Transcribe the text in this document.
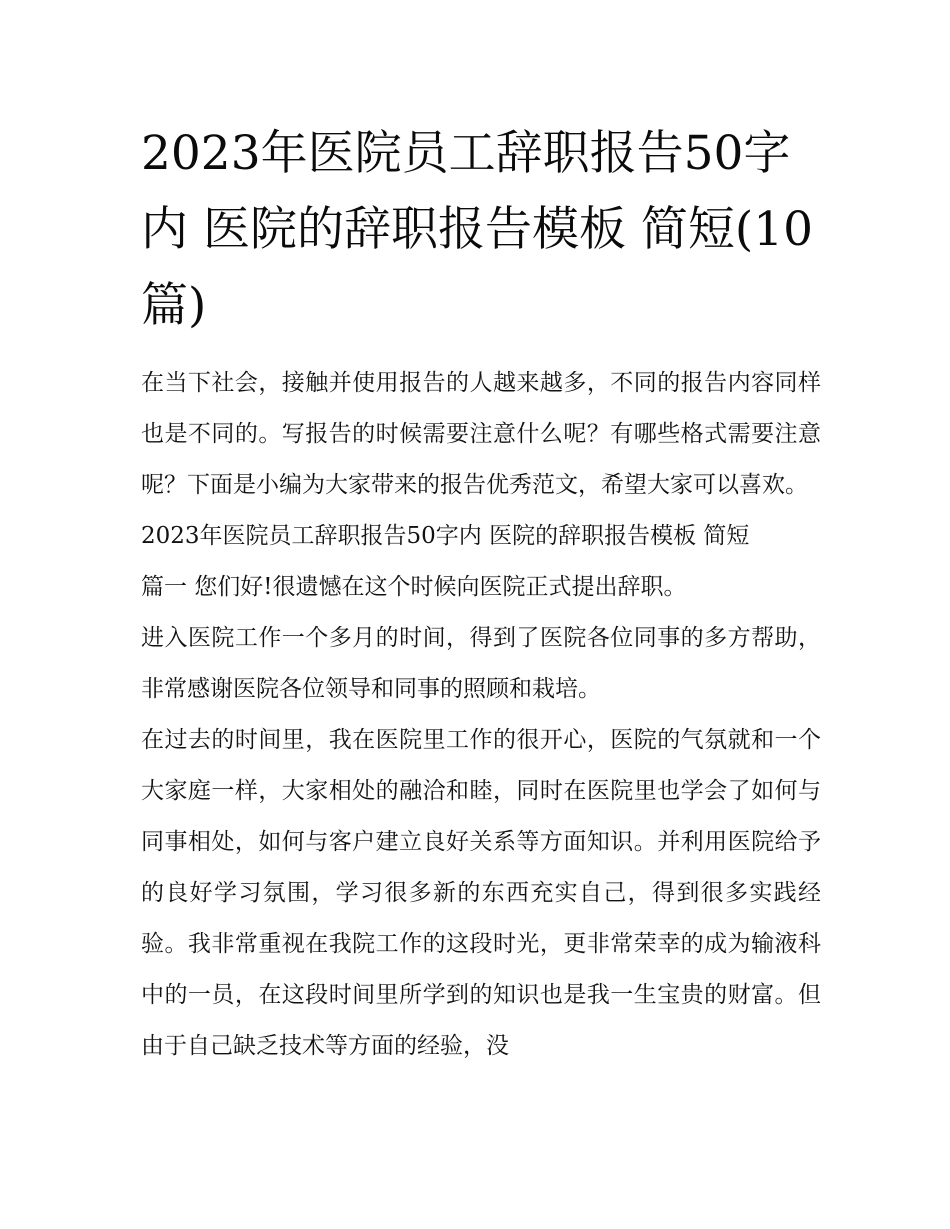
2023年医院员工辞职报告50字内 医院的辞职报告模板 简短(10篇)

在当下社会，接触并使用报告的人越来越多，不同的报告内容同样也是不同的。写报告的时候需要注意什么呢？有哪些格式需要注意呢？下面是小编为大家带来的报告优秀范文，希望大家可以喜欢。

2023年医院员工辞职报告50字内 医院的辞职报告模板 简短

篇一 您们好!很遗憾在这个时候向医院正式提出辞职。

进入医院工作一个多月的时间，得到了医院各位同事的多方帮助，非常感谢医院各位领导和同事的照顾和栽培。

在过去的时间里，我在医院里工作的很开心，医院的气氛就和一个大家庭一样，大家相处的融洽和睦，同时在医院里也学会了如何与同事相处，如何与客户建立良好关系等方面知识。并利用医院给予的良好学习氛围，学习很多新的东西充实自己，得到很多实践经验。我非常重视在我院工作的这段时光，更非常荣幸的成为输液科中的一员，在这段时间里所学到的知识也是我一生宝贵的财富。但由于自己缺乏技术等方面的经验，没
